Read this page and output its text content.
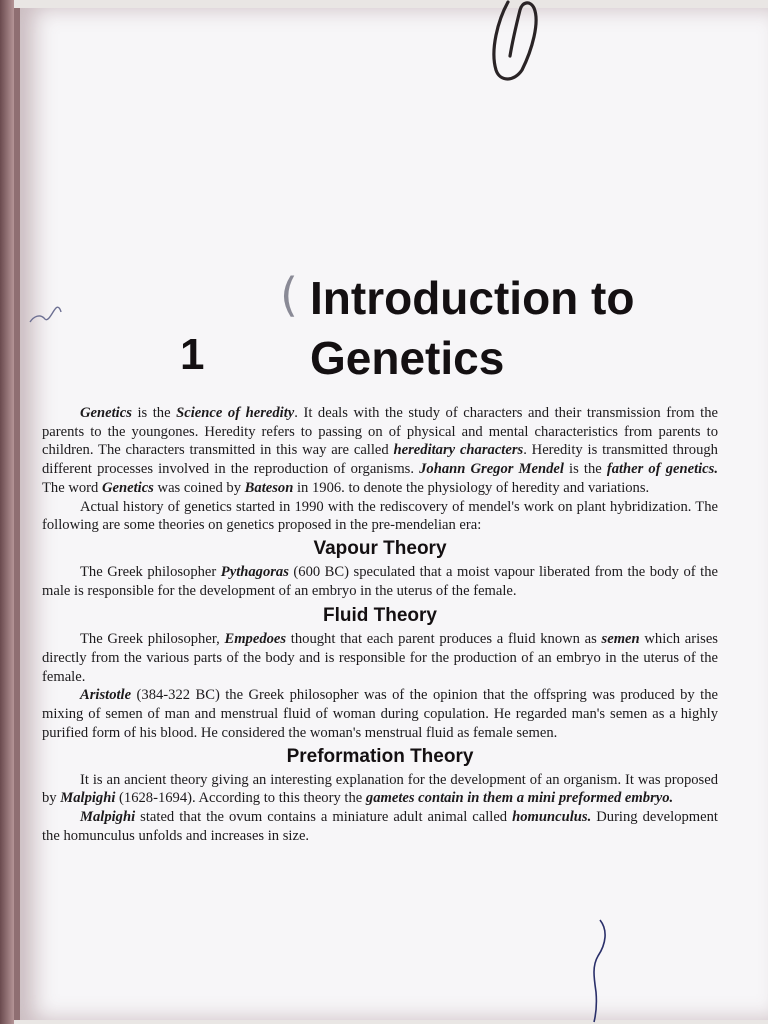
(
1
Introduction to
Genetics

Genetics is the Science of heredity. It deals with the study of characters and their transmission from the parents to the youngones. Heredity refers to passing on of physical and mental characteristics from parents to children. The characters transmitted in this way are called hereditary characters. Heredity is transmitted through different processes involved in the reproduction of organisms. Johann Gregor Mendel is the father of genetics. The word Genetics was coined by Bateson in 1906. to denote the physiology of heredity and variations.

Actual history of genetics started in 1990 with the rediscovery of mendel's work on plant hybridization. The following are some theories on genetics proposed in the pre-mendelian era:

Vapour Theory

The Greek philosopher Pythagoras (600 BC) speculated that a moist vapour liberated from the body of the male is responsible for the development of an embryo in the uterus of the female.

Fluid Theory

The Greek philosopher, Empedoes thought that each parent produces a fluid known as semen which arises directly from the various parts of the body and is responsible for the production of an embryo in the uterus of the female.

Aristotle (384-322 BC) the Greek philosopher was of the opinion that the offspring was produced by the mixing of semen of man and menstrual fluid of woman during copulation. He regarded man's semen as a highly purified form of his blood. He considered the woman's menstrual fluid as female semen.

Preformation Theory

It is an ancient theory giving an interesting explanation for the development of an organism. It was proposed by Malpighi (1628-1694). According to this theory the gametes contain in them a mini preformed embryo.

Malpighi stated that the ovum contains a miniature adult animal called homunculus. During development the homunculus unfolds and increases in size.
